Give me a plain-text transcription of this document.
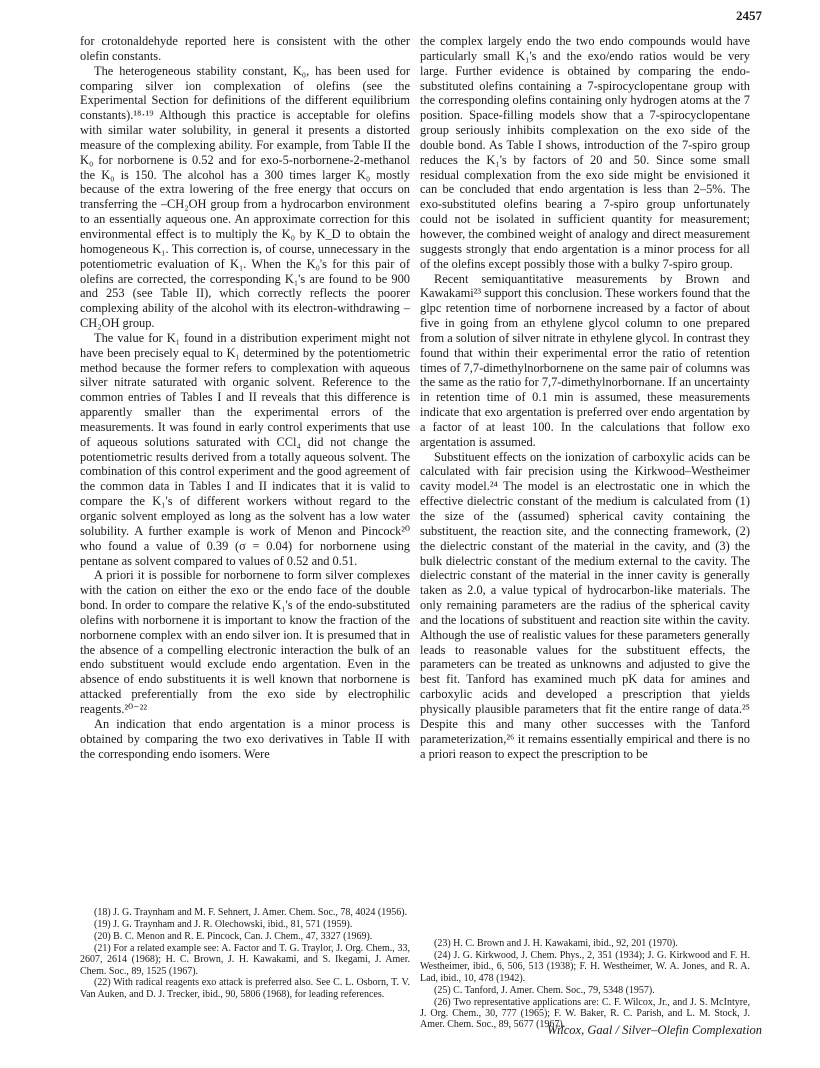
2457

for crotonaldehyde reported here is consistent with the other olefin constants.

The heterogeneous stability constant, K₀, has been used for comparing silver ion complexation of olefins (see the Experimental Section for definitions of the different equilibrium constants).¹⁸·¹⁹ Although this practice is acceptable for olefins with similar water solubility, in general it presents a distorted measure of the complexing ability. For example, from Table II the K₀ for norbornene is 0.52 and for exo-5-norbornene-2-methanol the K₀ is 150. The alcohol has a 300 times larger K₀ mostly because of the extra lowering of the free energy that occurs on transferring the –CH₂OH group from a hydrocarbon environment to an essentially aqueous one. An approximate correction for this environmental effect is to multiply the K₀ by K_D to obtain the homogeneous K₁. This correction is, of course, unnecessary in the potentiometric evaluation of K₁. When the K₀'s for this pair of olefins are corrected, the corresponding K₁'s are found to be 900 and 253 (see Table II), which correctly reflects the poorer complexing ability of the alcohol with its electron-withdrawing –CH₂OH group.

The value for K₁ found in a distribution experiment might not have been precisely equal to K₁ determined by the potentiometric method because the former refers to complexation with aqueous silver nitrate saturated with organic solvent. Reference to the common entries of Tables I and II reveals that this difference is apparently smaller than the experimental errors of the measurements. It was found in early control experiments that use of aqueous solutions saturated with CCl₄ did not change the potentiometric results derived from a totally aqueous solvent. The combination of this control experiment and the good agreement of the common data in Tables I and II indicates that it is valid to compare the K₁'s of different workers without regard to the organic solvent employed as long as the solvent has a low water solubility. A further example is work of Menon and Pincock²⁰ who found a value of 0.39 (σ = 0.04) for norbornene using pentane as solvent compared to values of 0.52 and 0.51.

A priori it is possible for norbornene to form silver complexes with the cation on either the exo or the endo face of the double bond. In order to compare the relative K₁'s of the endo-substituted olefins with norbornene it is important to know the fraction of the norbornene complex with an endo silver ion. It is presumed that in the absence of a compelling electronic interaction the bulk of an endo substituent would exclude endo argentation. Even in the absence of endo substituents it is well known that norbornene is attacked preferentially from the exo side by electrophilic reagents.²⁰⁻²²

An indication that endo argentation is a minor process is obtained by comparing the two exo derivatives in Table II with the corresponding endo isomers. Were

the complex largely endo the two endo compounds would have particularly small K₁'s and the exo/endo ratios would be very large. Further evidence is obtained by comparing the endo-substituted olefins containing a 7-spirocyclopentane group with the corresponding olefins containing only hydrogen atoms at the 7 position. Space-filling models show that a 7-spirocyclopentane group seriously inhibits complexation on the exo side of the double bond. As Table I shows, introduction of the 7-spiro group reduces the K₁'s by factors of 20 and 50. Since some small residual complexation from the exo side might be envisioned it can be concluded that endo argentation is less than 2–5%. The exo-substituted olefins bearing a 7-spiro group unfortunately could not be isolated in sufficient quantity for measurement; however, the combined weight of analogy and direct measurement suggests strongly that endo argentation is a minor process for all of the olefins except possibly those with a bulky 7-spiro group.

Recent semiquantitative measurements by Brown and Kawakami²³ support this conclusion. These workers found that the glpc retention time of norbornene increased by a factor of about five in going from an ethylene glycol column to one prepared from a solution of silver nitrate in ethylene glycol. In contrast they found that within their experimental error the ratio of retention times of 7,7-dimethylnorbornene on the same pair of columns was the same as the ratio for 7,7-dimethylnorbornane. If an uncertainty in retention time of 0.1 min is assumed, these measurements indicate that exo argentation is preferred over endo argentation by a factor of at least 100. In the calculations that follow exo argentation is assumed.

Substituent effects on the ionization of carboxylic acids can be calculated with fair precision using the Kirkwood–Westheimer cavity model.²⁴ The model is an electrostatic one in which the effective dielectric constant of the medium is calculated from (1) the size of the (assumed) spherical cavity containing the substituent, the reaction site, and the connecting framework, (2) the dielectric constant of the material in the cavity, and (3) the bulk dielectric constant of the medium external to the cavity. The dielectric constant of the material in the inner cavity is generally taken as 2.0, a value typical of hydrocarbon-like materials. The only remaining parameters are the radius of the spherical cavity and the locations of substituent and reaction site within the cavity. Although the use of realistic values for these parameters generally leads to reasonable values for the substituent effects, the parameters can be treated as unknowns and adjusted to give the best fit. Tanford has examined much pK data for amines and carboxylic acids and developed a prescription that yields physically plausible parameters that fit the entire range of data.²⁵ Despite this and many other successes with the Tanford parameterization,²⁶ it remains essentially empirical and there is no a priori reason to expect the prescription to be

(18) J. G. Traynham and M. F. Sehnert, J. Amer. Chem. Soc., 78, 4024 (1956).

(19) J. G. Traynham and J. R. Olechowski, ibid., 81, 571 (1959).

(20) B. C. Menon and R. E. Pincock, Can. J. Chem., 47, 3327 (1969).

(21) For a related example see: A. Factor and T. G. Traylor, J. Org. Chem., 33, 2607, 2614 (1968); H. C. Brown, J. H. Kawakami, and S. Ikegami, J. Amer. Chem. Soc., 89, 1525 (1967).

(22) With radical reagents exo attack is preferred also. See C. L. Osborn, T. V. Van Auken, and D. J. Trecker, ibid., 90, 5806 (1968), for leading references.

(23) H. C. Brown and J. H. Kawakami, ibid., 92, 201 (1970).

(24) J. G. Kirkwood, J. Chem. Phys., 2, 351 (1934); J. G. Kirkwood and F. H. Westheimer, ibid., 6, 506, 513 (1938); F. H. Westheimer, W. A. Jones, and R. A. Lad, ibid., 10, 478 (1942).

(25) C. Tanford, J. Amer. Chem. Soc., 79, 5348 (1957).

(26) Two representative applications are: C. F. Wilcox, Jr., and J. S. McIntyre, J. Org. Chem., 30, 777 (1965); F. W. Baker, R. C. Parish, and L. M. Stock, J. Amer. Chem. Soc., 89, 5677 (1967).

Wilcox, Gaal / Silver–Olefin Complexation
